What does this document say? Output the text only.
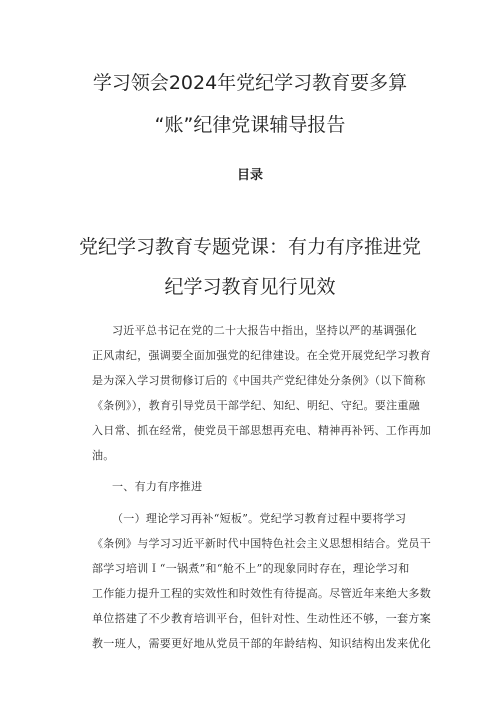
学习领会2024年党纪学习教育要多算
“账”纪律党课辅导报告
目录
党纪学习教育专题党课：有力有序推进党
纪学习教育见行见效
习近平总书记在党的二十大报告中指出，坚持以严的基调强化
正风肃纪，强调要全面加强党的纪律建设。在全党开展党纪学习教育
是为深入学习贯彻修订后的《中国共产党纪律处分条例》（以下简称
《条例》），教育引导党员干部学纪、知纪、明纪、守纪。要注重融
入日常、抓在经常，使党员干部思想再充电、精神再补钙、工作再加
油。
一、有力有序推进
（一）理论学习再补“短板”。党纪学习教育过程中要将学习
《条例》与学习习近平新时代中国特色社会主义思想相结合。党员干
部学习培训Ｉ“一锅煮”和“舱不上”的现象同时存在，理论学习和
工作能力提升工程的实效性和时效性有待提高。尽管近年来绝大多数
单位搭建了不少教育培训平台，但针对性、生动性还不够，一套方案
教一班人，需要更好地从党员干部的年龄结构、知识结构出发来优化
